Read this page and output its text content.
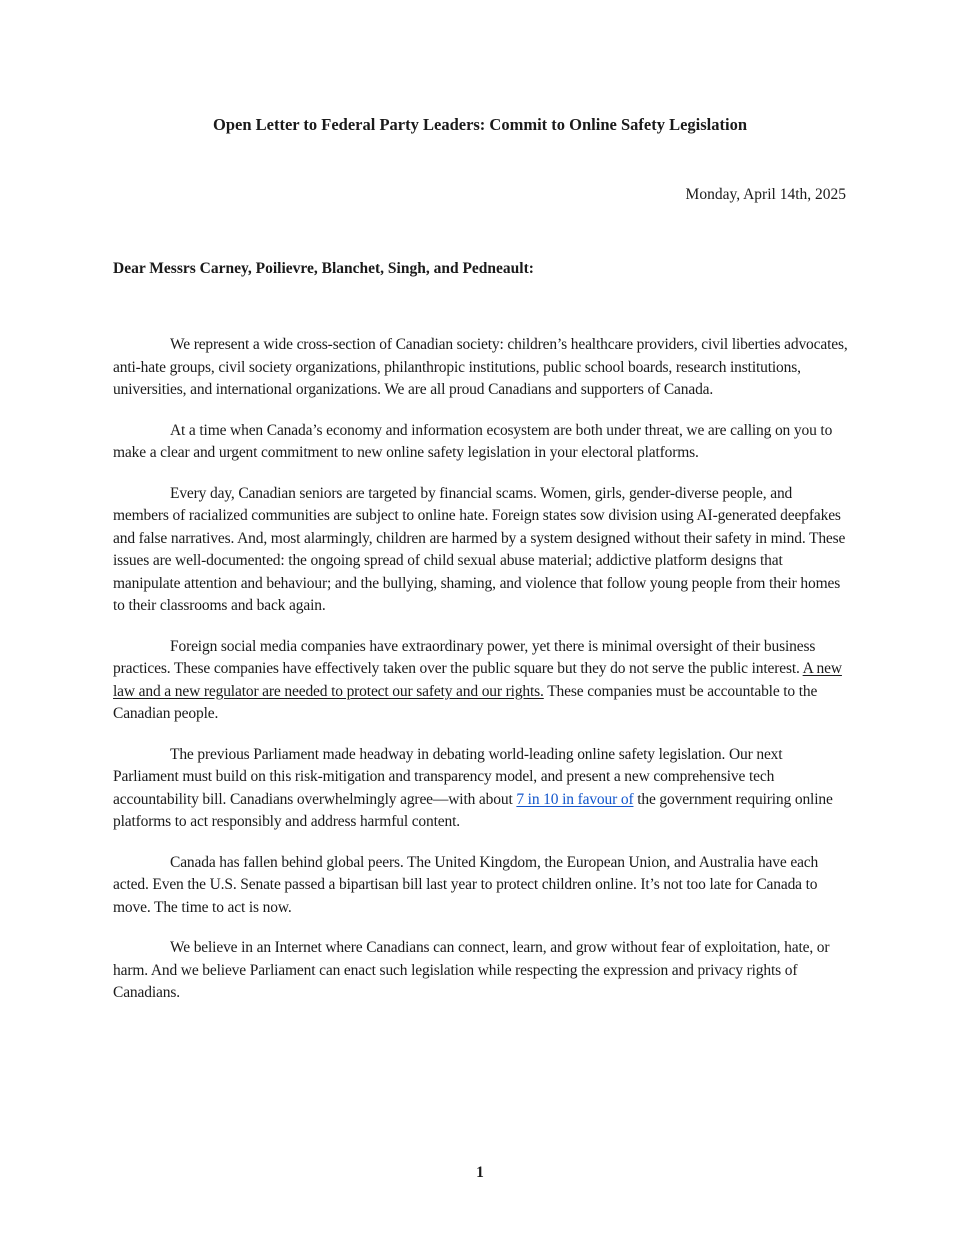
Open Letter to Federal Party Leaders: Commit to Online Safety Legislation

Monday, April 14th, 2025

Dear Messrs Carney, Poilievre, Blanchet, Singh, and Pedneault:

We represent a wide cross-section of Canadian society: children’s healthcare providers, civil liberties advocates, anti-hate groups, civil society organizations, philanthropic institutions, public school boards, research institutions, universities, and international organizations. We are all proud Canadians and supporters of Canada.

At a time when Canada’s economy and information ecosystem are both under threat, we are calling on you to make a clear and urgent commitment to new online safety legislation in your electoral platforms.

Every day, Canadian seniors are targeted by financial scams. Women, girls, gender-diverse people, and members of racialized communities are subject to online hate. Foreign states sow division using AI-generated deepfakes and false narratives. And, most alarmingly, children are harmed by a system designed without their safety in mind. These issues are well-documented: the ongoing spread of child sexual abuse material; addictive platform designs that manipulate attention and behaviour; and the bullying, shaming, and violence that follow young people from their homes to their classrooms and back again.

Foreign social media companies have extraordinary power, yet there is minimal oversight of their business practices. These companies have effectively taken over the public square but they do not serve the public interest. A new law and a new regulator are needed to protect our safety and our rights. These companies must be accountable to the Canadian people.

The previous Parliament made headway in debating world-leading online safety legislation. Our next Parliament must build on this risk-mitigation and transparency model, and present a new comprehensive tech accountability bill. Canadians overwhelmingly agree—with about 7 in 10 in favour of the government requiring online platforms to act responsibly and address harmful content.

Canada has fallen behind global peers. The United Kingdom, the European Union, and Australia have each acted. Even the U.S. Senate passed a bipartisan bill last year to protect children online. It’s not too late for Canada to move. The time to act is now.

We believe in an Internet where Canadians can connect, learn, and grow without fear of exploitation, hate, or harm. And we believe Parliament can enact such legislation while respecting the expression and privacy rights of Canadians.

1
